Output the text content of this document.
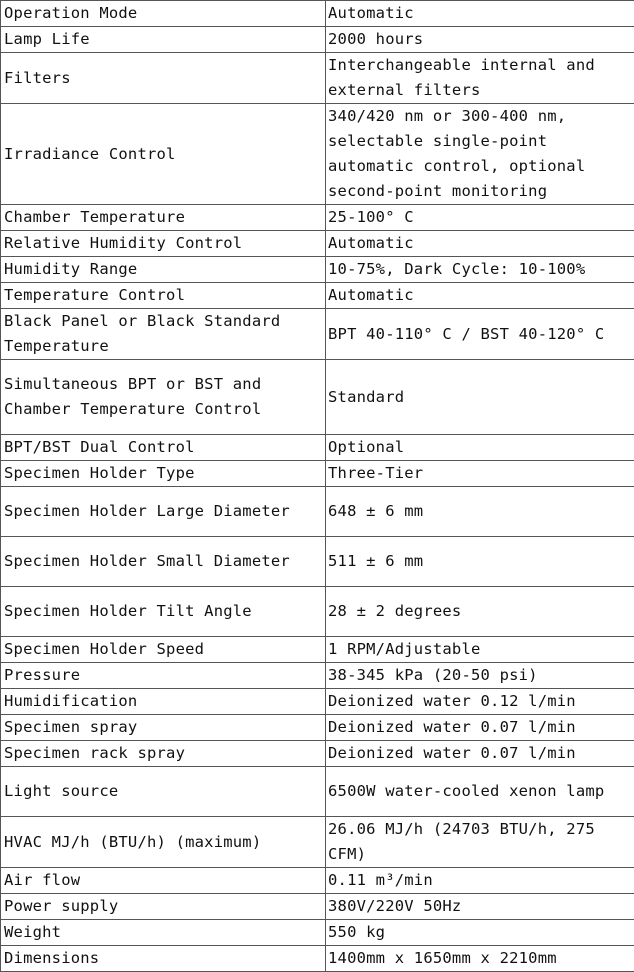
Operation Mode	Automatic
Lamp Life	2000 hours
Filters	Interchangeable internal and external filters
Irradiance Control	340/420 nm or 300-400 nm, selectable single-point automatic control, optional second-point monitoring
Chamber Temperature	25-100° C
Relative Humidity Control	Automatic
Humidity Range	10-75%, Dark Cycle: 10-100%
Temperature Control	Automatic
Black Panel or Black Standard Temperature	BPT 40-110° C / BST 40-120° C
Simultaneous BPT or BST and Chamber Temperature Control	Standard
BPT/BST Dual Control	Optional
Specimen Holder Type	Three-Tier
Specimen Holder Large Diameter	648 ± 6 mm
Specimen Holder Small Diameter	511 ± 6 mm
Specimen Holder Tilt Angle	28 ± 2 degrees
Specimen Holder Speed	1 RPM/Adjustable
Pressure	38-345 kPa (20-50 psi)
Humidification	Deionized water 0.12 l/min
Specimen spray	Deionized water 0.07 l/min
Specimen rack spray	Deionized water 0.07 l/min
Light source	6500W water-cooled xenon lamp
HVAC MJ/h (BTU/h) (maximum)	26.06 MJ/h (24703 BTU/h, 275 CFM)
Air flow	0.11 m³/min
Power supply	380V/220V 50Hz
Weight	550 kg
Dimensions	1400mm x 1650mm x 2210mm
